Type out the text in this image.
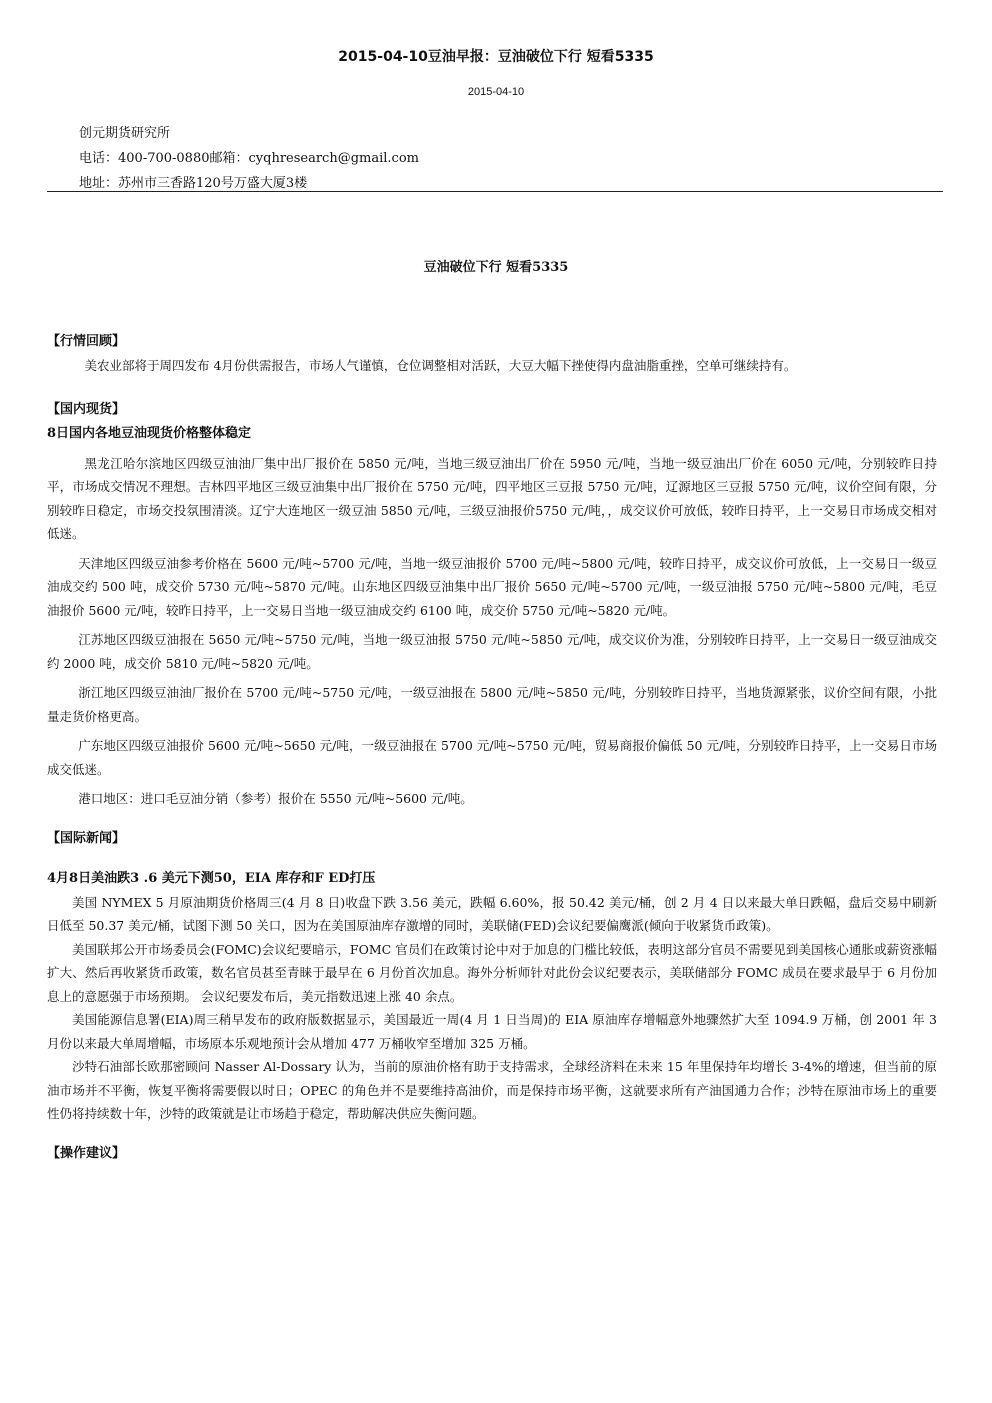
2015-04-10豆油早报：豆油破位下行 短看5335
2015-04-10
创元期货研究所
电话：400-700-0880邮箱：cyqhresearch@gmail.com
地址：苏州市三香路120号万盛大厦3楼
豆油破位下行 短看5335
【行情回顾】

美农业部将于周四发布 4月份供需报告，市场人气谨慎，仓位调整相对活跃，大豆大幅下挫使得内盘油脂重挫，空单可继续持有。

【国内现货】
8日国内各地豆油现货价格整体稳定

黑龙江哈尔滨地区四级豆油油厂集中出厂报价在 5850 元/吨，当地三级豆油出厂价在 5950 元/吨，当地一级豆油出厂价在 6050 元/吨，分别较昨日持平，市场成交情况不理想。吉林四平地区三级豆油集中出厂报价在 5750 元/吨，四平地区三豆报 5750 元/吨，辽源地区三豆报 5750 元/吨，议价空间有限，分别较昨日稳定，市场交投氛围清淡。辽宁大连地区一级豆油 5850 元/吨，三级豆油报价5750 元/吨，，成交议价可放低，较昨日持平，上一交易日市场成交相对低迷。

天津地区四级豆油参考价格在 5600 元/吨~5700 元/吨，当地一级豆油报价 5700 元/吨~5800 元/吨，较昨日持平，成交议价可放低，上一交易日一级豆油成交约 500 吨，成交价 5730 元/吨~5870 元/吨。山东地区四级豆油集中出厂报价 5650 元/吨~5700 元/吨，一级豆油报 5750 元/吨~5800 元/吨，毛豆油报价 5600 元/吨，较昨日持平，上一交易日当地一级豆油成交约 6100 吨，成交价 5750 元/吨~5820 元/吨。

江苏地区四级豆油报在 5650 元/吨~5750 元/吨，当地一级豆油报 5750 元/吨~5850 元/吨，成交议价为准，分别较昨日持平，上一交易日一级豆油成交约 2000 吨，成交价 5810 元/吨~5820 元/吨。

浙江地区四级豆油油厂报价在 5700 元/吨~5750 元/吨，一级豆油报在 5800 元/吨~5850 元/吨，分别较昨日持平，当地货源紧张，议价空间有限，小批量走货价格更高。

广东地区四级豆油报价 5600 元/吨~5650 元/吨，一级豆油报在 5700 元/吨~5750 元/吨，贸易商报价偏低 50 元/吨，分别较昨日持平，上一交易日市场成交低迷。

港口地区：进口毛豆油分销（参考）报价在 5550 元/吨~5600 元/吨。

【国际新闻】
4月8日美油跌3 .6 美元下测50，EIA 库存和F ED打压

美国 NYMEX 5 月原油期货价格周三(4 月 8 日)收盘下跌 3.56 美元，跌幅 6.60%，报 50.42 美元/桶，创 2 月 4 日以来最大单日跌幅，盘后交易中刷新日低至 50.37 美元/桶，试图下测 50 关口，因为在美国原油库存激增的同时，美联储(FED)会议纪要偏鹰派(倾向于收紧货币政策)。

美国联邦公开市场委员会(FOMC)会议纪要暗示，FOMC 官员们在政策讨论中对于加息的门槛比较低，表明这部分官员不需要见到美国核心通胀或薪资涨幅扩大、然后再收紧货币政策，数名官员甚至青睐于最早在 6 月份首次加息。海外分析师针对此份会议纪要表示，美联储部分 FOMC 成员在要求最早于 6 月份加息上的意愿强于市场预期。 会议纪要发布后，美元指数迅速上涨 40 余点。

美国能源信息署(EIA)周三稍早发布的政府版数据显示，美国最近一周(4 月 1 日当周)的 EIA 原油库存增幅意外地骤然扩大至 1094.9 万桶，创 2001 年 3 月份以来最大单周增幅，市场原本乐观地预计会从增加 477 万桶收窄至增加 325 万桶。

沙特石油部长欧那密顾问 Nasser Al-Dossary 认为，当前的原油价格有助于支持需求，全球经济料在未来 15 年里保持年均增长 3-4%的增速，但当前的原油市场并不平衡，恢复平衡将需要假以时日；OPEC 的角色并不是要维持高油价，而是保持市场平衡，这就要求所有产油国通力合作；沙特在原油市场上的重要性仍将持续数十年，沙特的政策就是让市场趋于稳定，帮助解决供应失衡问题。

【操作建议】
